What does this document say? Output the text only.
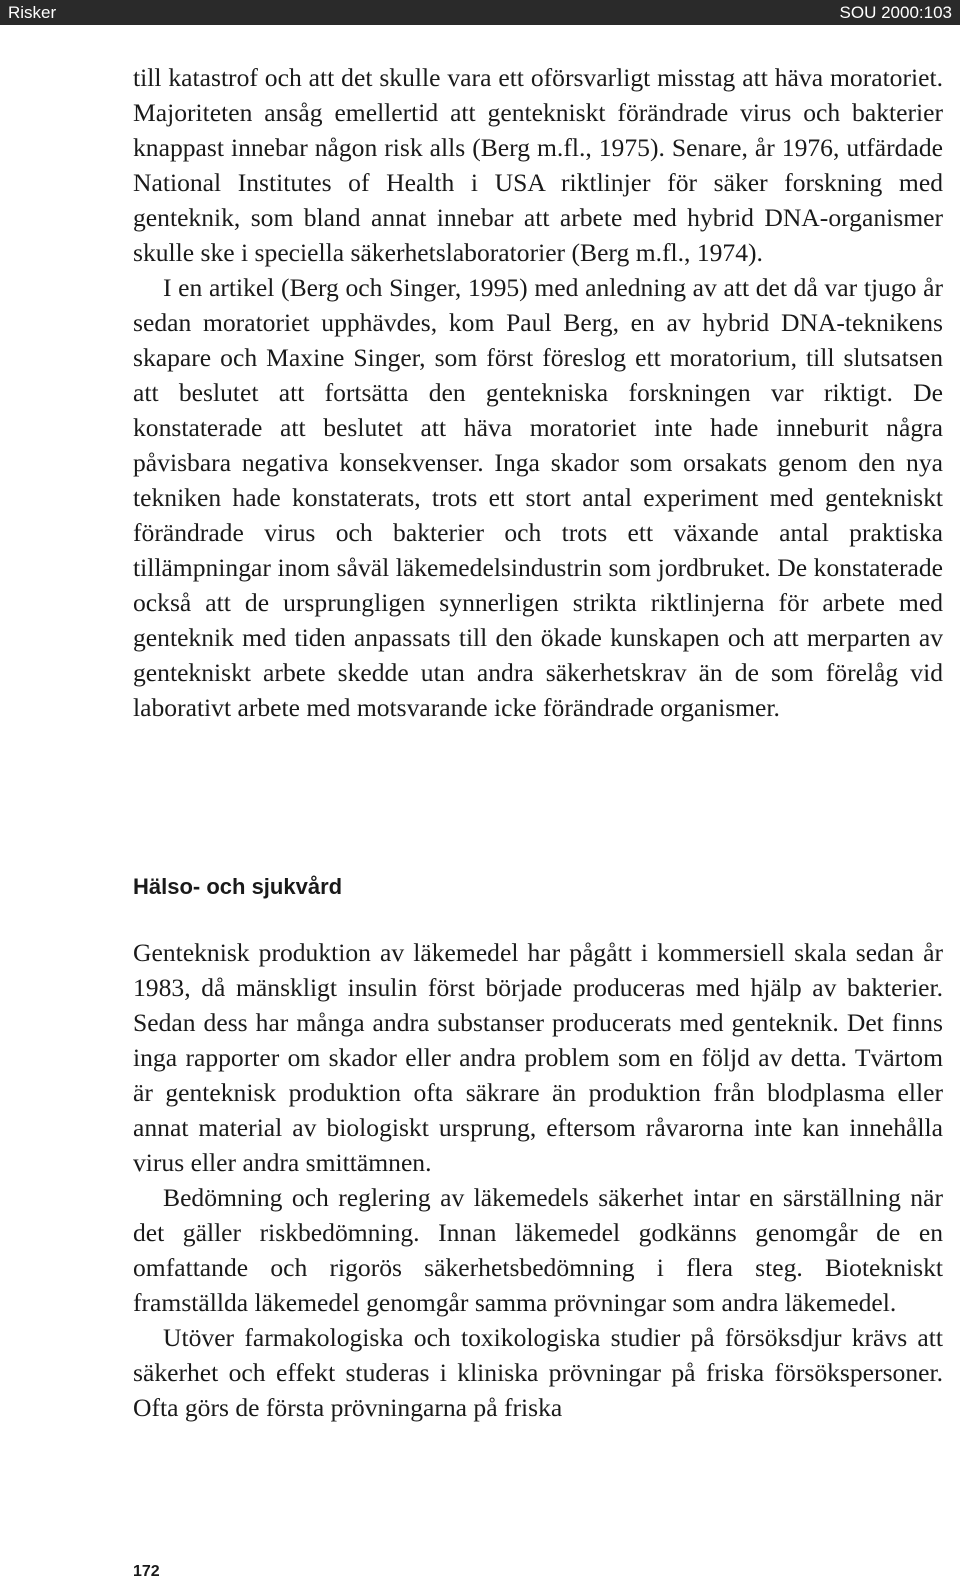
Risker	SOU 2000:103

till katastrof och att det skulle vara ett oförsvarligt misstag att häva moratoriet. Majoriteten ansåg emellertid att gentekniskt förändrade virus och bakterier knappast innebar någon risk alls (Berg m.fl., 1975). Senare, år 1976, utfärdade National Institutes of Health i USA riktlinjer för säker forskning med genteknik, som bland annat innebar att arbete med hybrid DNA-organismer skulle ske i speciella säkerhetslaboratorier (Berg m.fl., 1974).

I en artikel (Berg och Singer, 1995) med anledning av att det då var tjugo år sedan moratoriet upphävdes, kom Paul Berg, en av hybrid DNA-teknikens skapare och Maxine Singer, som först föreslog ett moratorium, till slutsatsen att beslutet att fortsätta den gentekniska forskningen var riktigt. De konstaterade att beslutet att häva moratoriet inte hade inneburit några påvisbara negativa konsekvenser. Inga skador som orsakats genom den nya tekniken hade konstaterats, trots ett stort antal experiment med gentekniskt förändrade virus och bakterier och trots ett växande antal praktiska tillämpningar inom såväl läkemedelsindustrin som jordbruket. De konstaterade också att de ursprungligen synnerligen strikta riktlinjerna för arbete med genteknik med tiden anpassats till den ökade kunskapen och att merparten av gentekniskt arbete skedde utan andra säkerhetskrav än de som förelåg vid laborativt arbete med motsvarande icke förändrade organismer.

Hälso- och sjukvård

Genteknisk produktion av läkemedel har pågått i kommersiell skala sedan år 1983, då mänskligt insulin först började produceras med hjälp av bakterier. Sedan dess har många andra substanser producerats med genteknik. Det finns inga rapporter om skador eller andra problem som en följd av detta. Tvärtom är genteknisk produktion ofta säkrare än produktion från blodplasma eller annat material av biologiskt ursprung, eftersom råvarorna inte kan innehålla virus eller andra smittämnen.

Bedömning och reglering av läkemedels säkerhet intar en särställning när det gäller riskbedömning. Innan läkemedel godkänns genomgår de en omfattande och rigorös säkerhetsbedömning i flera steg. Biotekniskt framställda läkemedel genomgår samma prövningar som andra läkemedel.

Utöver farmakologiska och toxikologiska studier på försöksdjur krävs att säkerhet och effekt studeras i kliniska prövningar på friska försökspersoner. Ofta görs de första prövningarna på friska

172
